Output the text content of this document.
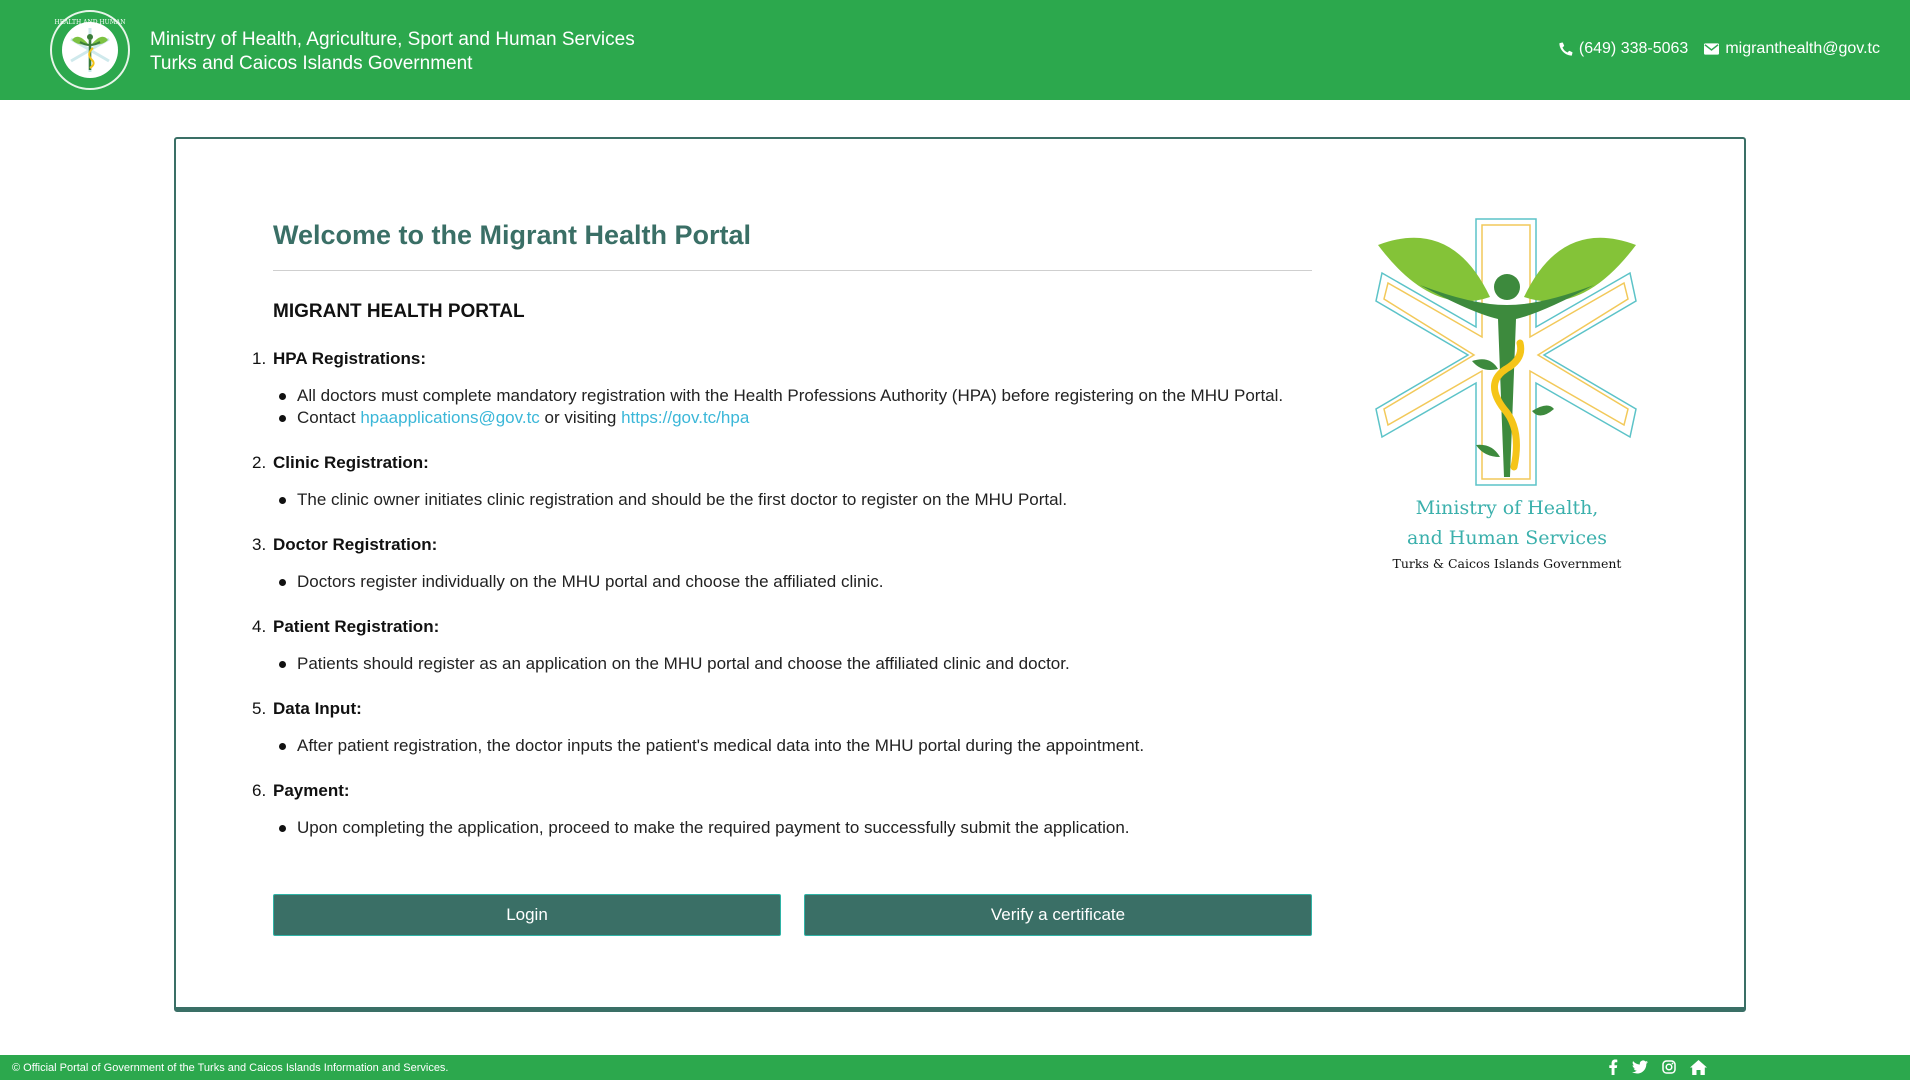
HEALTH AND HUMAN
Ministry of Health, Agriculture, Sport and Human Services
Turks and Caicos Islands Government
(649) 338-5063 migranthealth@gov.tc
Welcome to the Migrant Health Portal
MIGRANT HEALTH PORTAL
1. HPA Registrations:
All doctors must complete mandatory registration with the Health Professions Authority (HPA) before registering on the MHU Portal.
Contact hpaapplications@gov.tc or visiting https://gov.tc/hpa
2. Clinic Registration:
The clinic owner initiates clinic registration and should be the first doctor to register on the MHU Portal.
3. Doctor Registration:
Doctors register individually on the MHU portal and choose the affiliated clinic.
4. Patient Registration:
Patients should register as an application on the MHU portal and choose the affiliated clinic and doctor.
5. Data Input:
After patient registration, the doctor inputs the patient's medical data into the MHU portal during the appointment.
6. Payment:
Upon completing the application, proceed to make the required payment to successfully submit the application.
Login	Verify a certificate
Ministry of Health,
and Human Services
Turks & Caicos Islands Government
© Official Portal of Government of the Turks and Caicos Islands Information and Services.
